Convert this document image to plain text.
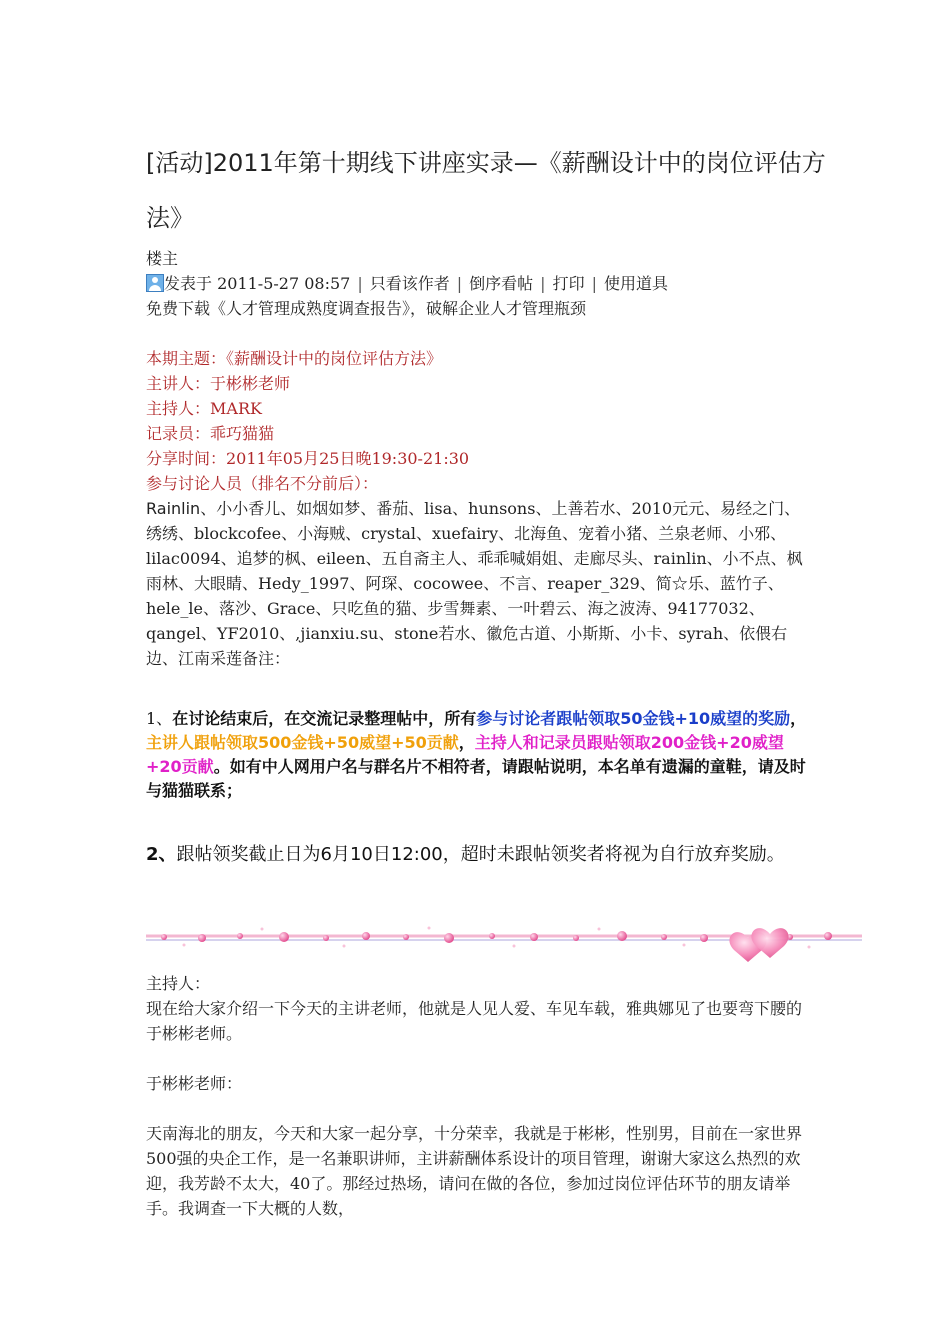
[活动]2011年第十期线下讲座实录—《薪酬设计中的岗位评估方法》
楼主
发表于 2011-5-27 08:57 | 只看该作者 | 倒序看帖 | 打印 | 使用道具
免费下载《人才管理成熟度调查报告》，破解企业人才管理瓶颈
本期主题：《薪酬设计中的岗位评估方法》
主讲人：于彬彬老师
主持人：MARK
记录员：乖巧猫猫
分享时间：2011年05月25日晚19:30-21:30
参与讨论人员（排名不分前后）：
Rainlin、小小香儿、如烟如梦、番茄、lisa、hunsons、上善若水、2010元元、易经之门、绣绣、blockcofee、小海贼、crystal、xuefairy、北海鱼、宠着小猪、兰泉老师、小邪、lilac0094、追梦的枫、eileen、五自斋主人、乖乖喊娟姐、走廊尽头、rainlin、小不点、枫雨林、大眼睛、Hedy_1997、阿琛、cocowee、不言、reaper_329、简☆乐、蓝竹子、hele_le、落沙、Grace、只吃鱼的猫、步雪舞素、一叶碧云、海之波涛、94177032、qangel、YF2010、,jianxiu.su、stone若水、徽危古道、小斯斯、小卡、syrah、依偎右边、江南采莲备注：
1、在讨论结束后，在交流记录整理帖中，所有参与讨论者跟帖领取50金钱+10威望的奖励，主讲人跟帖领取500金钱+50威望+50贡献，主持人和记录员跟贴领取200金钱+20威望+20贡献。如有中人网用户名与群名片不相符者，请跟帖说明，本名单有遗漏的童鞋，请及时与猫猫联系；
2、跟帖领奖截止日为6月10日12:00，超时未跟帖领奖者将视为自行放弃奖励。

主持人：

现在给大家介绍一下今天的主讲老师，他就是人见人爱、车见车载，雅典娜见了也要弯下腰的于彬彬老师。

于彬彬老师：

天南海北的朋友，今天和大家一起分享，十分荣幸，我就是于彬彬，性别男，目前在一家世界500强的央企工作，是一名兼职讲师，主讲薪酬体系设计的项目管理，谢谢大家这么热烈的欢迎，我芳龄不太大，40了。那经过热场，请问在做的各位，参加过岗位评估环节的朋友请举手。我调查一下大概的人数，
